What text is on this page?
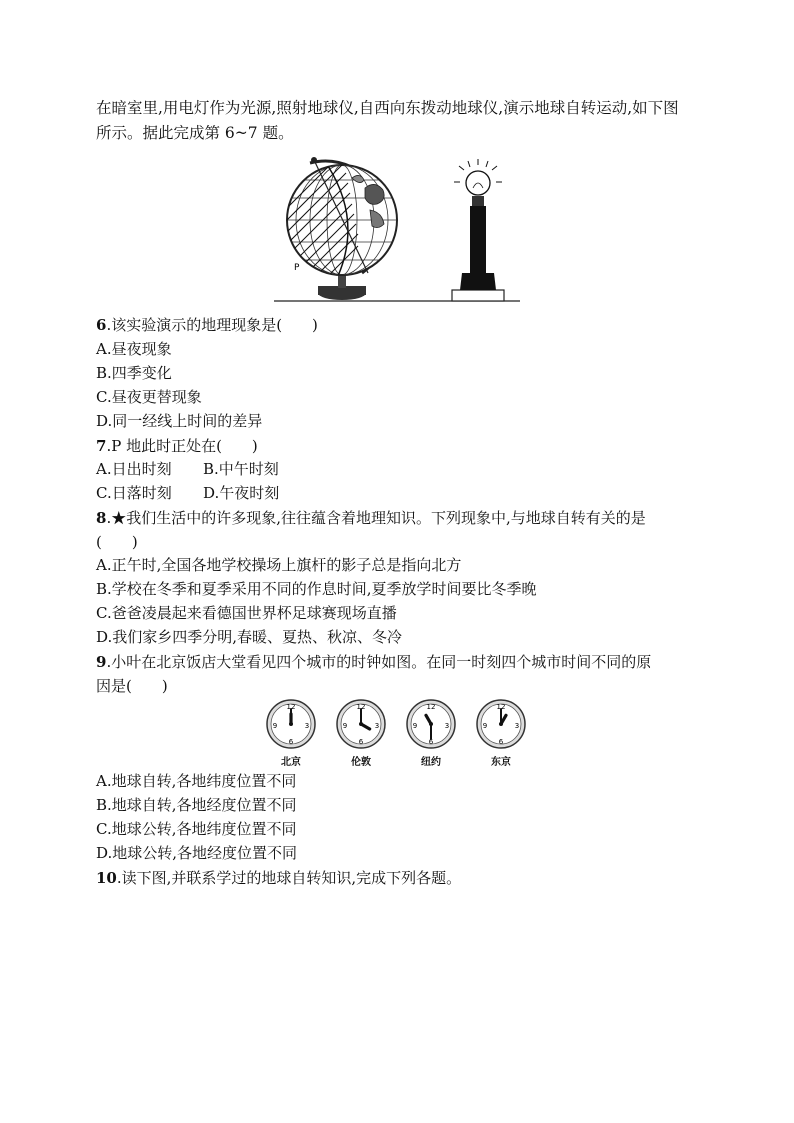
在暗室里,用电灯作为光源,照射地球仪,自西向东拨动地球仪,演示地球自转运动,如下图
所示。据此完成第 6~7 题。
P
6.该实验演示的地理现象是(　　)
A.昼夜现象
B.四季变化
C.昼夜更替现象
D.同一经线上时间的差异
7.P 地此时正处在(　　)
A.日出时刻 B.中午时刻
C.日落时刻 D.午夜时刻
8.★我们生活中的许多现象,往往蕴含着地理知识。下列现象中,与地球自转有关的是
(　　)
A.正午时,全国各地学校操场上旗杆的影子总是指向北方
B.学校在冬季和夏季采用不同的作息时间,夏季放学时间要比冬季晚
C.爸爸凌晨起来看德国世界杯足球赛现场直播
D.我们家乡四季分明,春暖、夏热、秋凉、冬冷
9.小叶在北京饭店大堂看见四个城市的时钟如图。在同一时刻四个城市时间不同的原
因是(　　)
12
3
6
9
12
3
6
9
12
3
6
9
12
3
6
9
北京	伦敦	纽约	东京
A.地球自转,各地纬度位置不同
B.地球自转,各地经度位置不同
C.地球公转,各地纬度位置不同
D.地球公转,各地经度位置不同
10.读下图,并联系学过的地球自转知识,完成下列各题。
